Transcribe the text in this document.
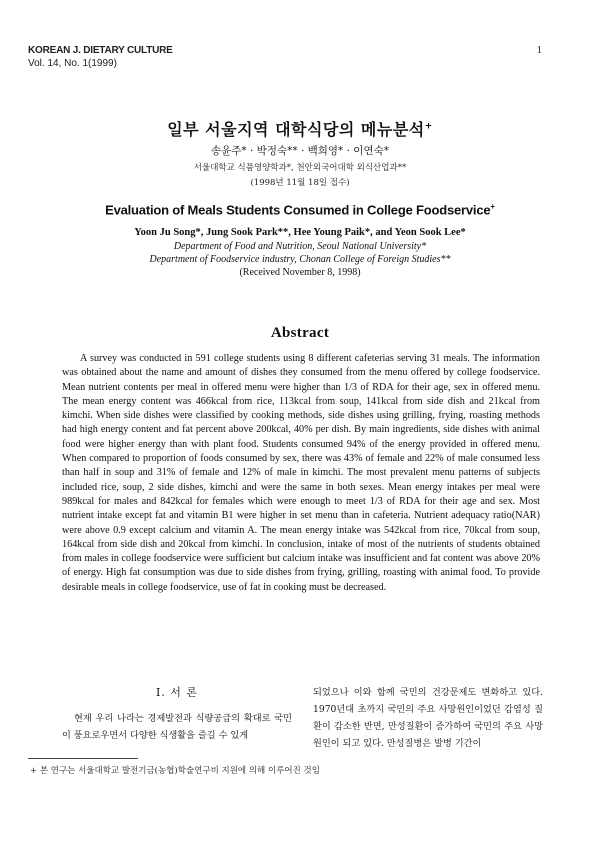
KOREAN J. DIETARY CULTURE
Vol. 14, No. 1(1999)
1
일부 서울지역 대학식당의 메뉴분석+
송윤주* · 박정숙** · 백희영* · 이연숙*
서울대학교 식품영양학과*, 천안외국어대학 외식산업과**
(1998년 11월 18일 접수)
Evaluation of Meals Students Consumed in College Foodservice+
Yoon Ju Song*, Jung Sook Park**, Hee Young Paik*, and Yeon Sook Lee*
Department of Food and Nutrition, Seoul National University*
Department of Foodservice industry, Chonan College of Foreign Studies**
(Received November 8, 1998)
Abstract
A survey was conducted in 591 college students using 8 different cafeterias serving 31 meals. The information was obtained about the name and amount of dishes they consumed from the menu offered by college foodservice. Mean nutrient contents per meal in offered menu were higher than 1/3 of RDA for their age, sex in offered menu. The mean energy content was 466kcal from rice, 113kcal from soup, 141kcal from side dish and 21kcal from kimchi. When side dishes were classified by cooking methods, side dishes using grilling, frying, roasting methods had high energy content and fat percent above 200kcal, 40% per dish. By main ingredients, side dishes with animal food were higher energy than with plant food. Students consumed 94% of the energy provided in offered menu. When compared to proportion of foods consumed by sex, there was 43% of female and 22% of male consumed less than half in soup and 31% of female and 12% of male in kimchi. The most prevalent menu patterns of subjects included rice, soup, 2 side dishes, kimchi and were the same in both sexes. Mean energy intakes per meal were 989kcal for males and 842kcal for females which were enough to meet 1/3 of RDA for their age and sex. Most nutrient intake except fat and vitamin B1 were higher in set menu than in cafeteria. Nutrient adequacy ratio(NAR) were above 0.9 except calcium and vitamin A. The mean energy intake was 542kcal from rice, 70kcal from soup, 164kcal from side dish and 20kcal from kimchi. In conclusion, intake of most of the nutrients of students obtained from males in college foodservice were sufficient but calcium intake was insufficient and fat content was above 20% of energy. High fat consumption was due to side dishes from frying, grilling, roasting with animal food. To provide desirable meals in college foodservice, use of fat in cooking must be decreased.
I. 서 론
현재 우리 나라는 경제발전과 식량공급의 확대로 국민이 풍요로우면서 다양한 식생활을 즐길 수 있게
되었으나 이와 함께 국민의 건강문제도 변화하고 있다. 1970년대 초까지 국민의 주요 사망원인이었던 감염성 질환이 감소한 반면, 만성질환이 증가하여 국민의 주요 사망원인이 되고 있다. 만성질병은 발병 기간이
+ 본 연구는 서울대학교 발전기금(농협)학술연구비 지원에 의해 이루어진 것임
